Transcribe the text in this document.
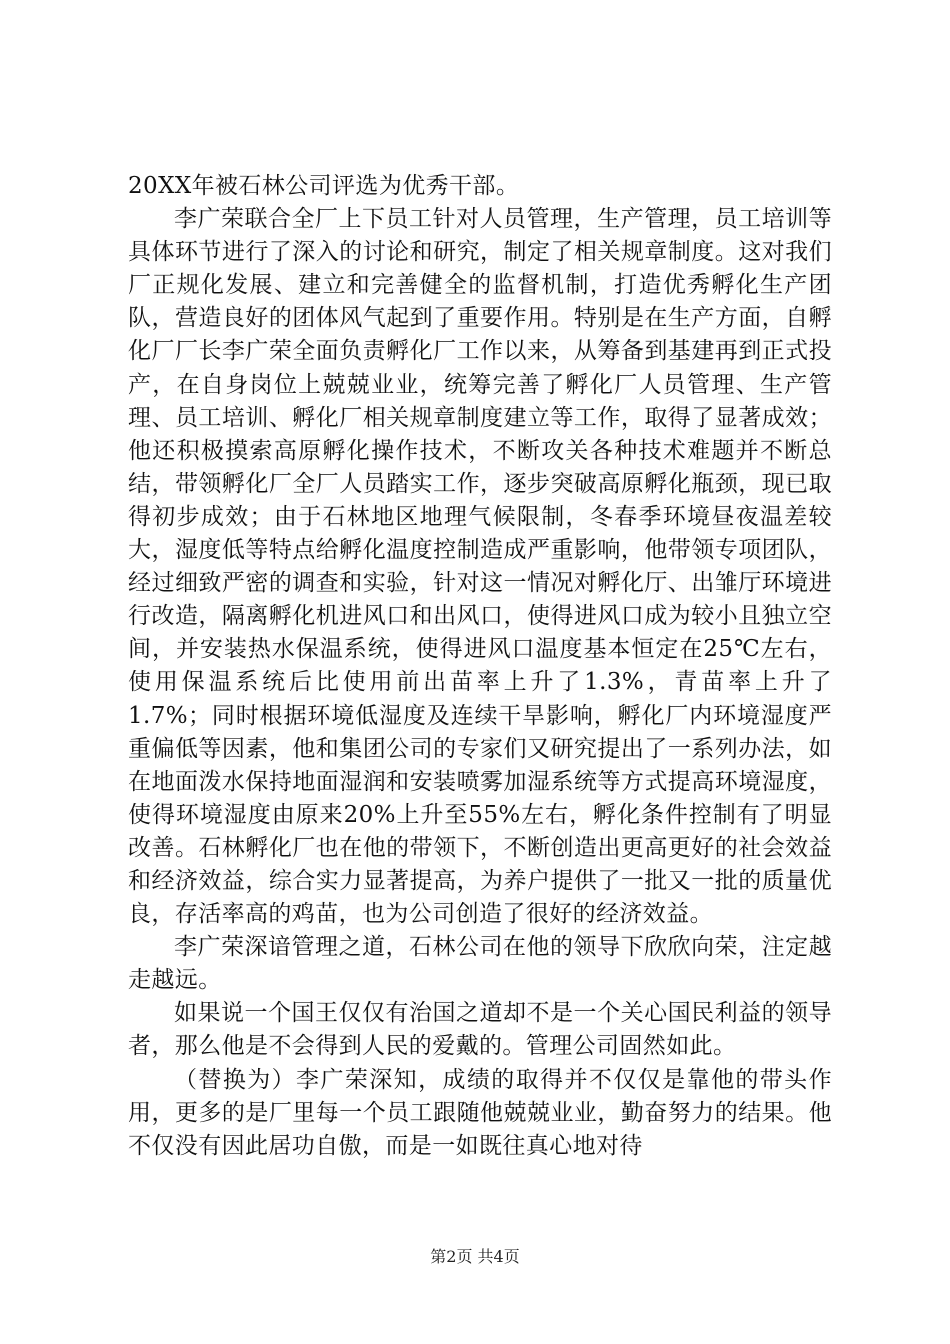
20XX年被石林公司评选为优秀干部。

李广荣联合全厂上下员工针对人员管理，生产管理，员工培训等具体环节进行了深入的讨论和研究，制定了相关规章制度。这对我们厂正规化发展、建立和完善健全的监督机制，打造优秀孵化生产团队，营造良好的团体风气起到了重要作用。特别是在生产方面，自孵化厂厂长李广荣全面负责孵化厂工作以来，从筹备到基建再到正式投产，在自身岗位上兢兢业业，统筹完善了孵化厂人员管理、生产管理、员工培训、孵化厂相关规章制度建立等工作，取得了显著成效；他还积极摸索高原孵化操作技术，不断攻关各种技术难题并不断总结，带领孵化厂全厂人员踏实工作，逐步突破高原孵化瓶颈，现已取得初步成效；由于石林地区地理气候限制，冬春季环境昼夜温差较大，湿度低等特点给孵化温度控制造成严重影响，他带领专项团队，经过细致严密的调查和实验，针对这一情况对孵化厅、出雏厅环境进行改造，隔离孵化机进风口和出风口，使得进风口成为较小且独立空间，并安装热水保温系统，使得进风口温度基本恒定在25℃左右，使用保温系统后比使用前出苗率上升了1.3%，青苗率上升了1.7%；同时根据环境低湿度及连续干旱影响，孵化厂内环境湿度严重偏低等因素，他和集团公司的专家们又研究提出了一系列办法，如在地面泼水保持地面湿润和安装喷雾加湿系统等方式提高环境湿度，使得环境湿度由原来20%上升至55%左右，孵化条件控制有了明显改善。石林孵化厂也在他的带领下，不断创造出更高更好的社会效益和经济效益，综合实力显著提高，为养户提供了一批又一批的质量优良，存活率高的鸡苗，也为公司创造了很好的经济效益。

李广荣深谙管理之道，石林公司在他的领导下欣欣向荣，注定越走越远。

如果说一个国王仅仅有治国之道却不是一个关心国民利益的领导者，那么他是不会得到人民的爱戴的。管理公司固然如此。

（替换为）李广荣深知，成绩的取得并不仅仅是靠他的带头作用，更多的是厂里每一个员工跟随他兢兢业业，勤奋努力的结果。他不仅没有因此居功自傲，而是一如既往真心地对待

第2页 共4页
